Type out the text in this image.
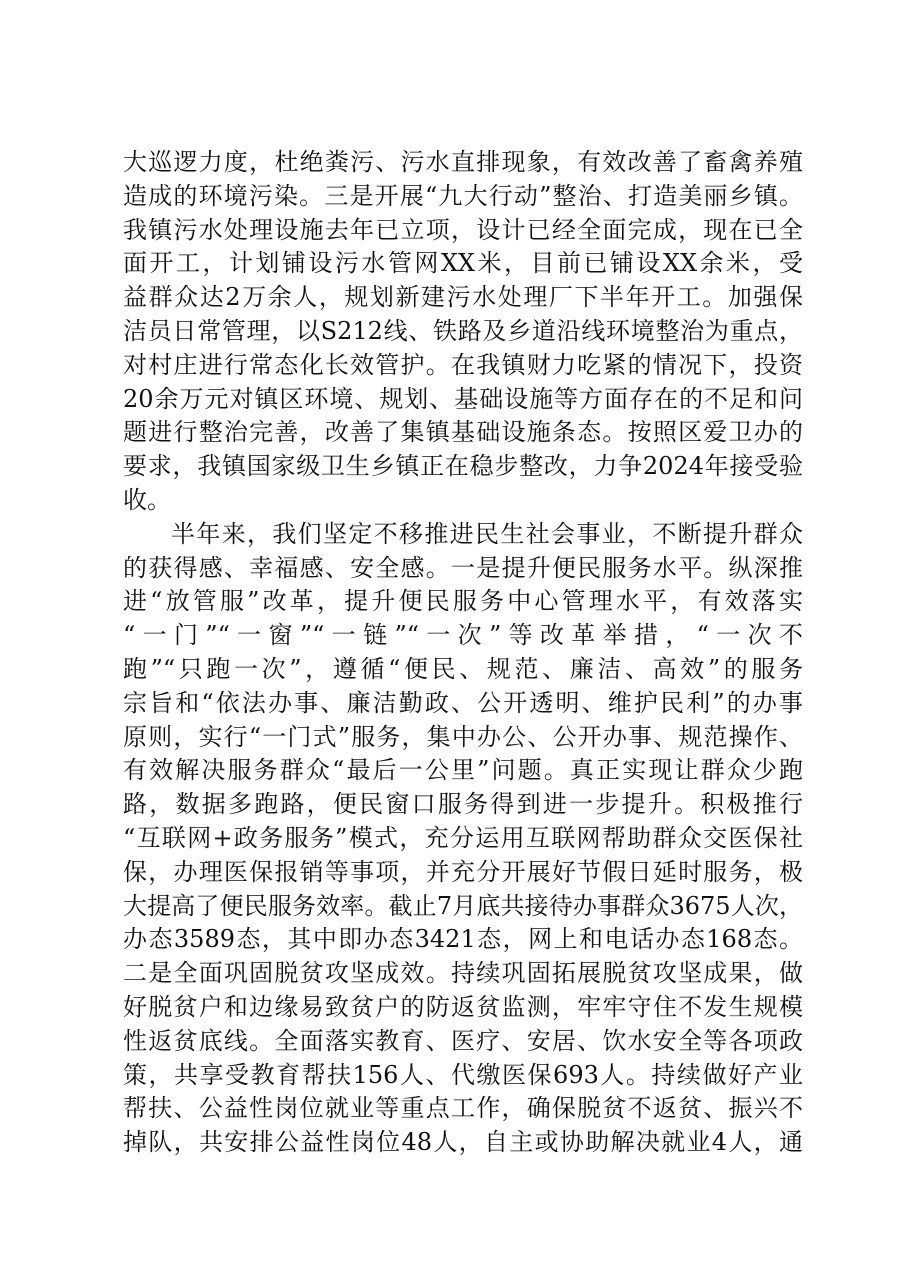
大巡逻力度，杜绝粪污、污水直排现象，有效改善了畜禽养殖
造成的环境污染。三是开展“九大行动”整治、打造美丽乡镇。
我镇污水处理设施去年已立项，设计已经全面完成，现在已全
面开工，计划铺设污水管网XX米，目前已铺设XX余米，受
益群众达2万余人，规划新建污水处理厂下半年开工。加强保
洁员日常管理，以S212线、铁路及乡道沿线环境整治为重点，
对村庄进行常态化长效管护。在我镇财力吃紧的情况下，投资
20余万元对镇区环境、规划、基础设施等方面存在的不足和问
题进行整治完善，改善了集镇基础设施条态。按照区爱卫办的
要求，我镇国家级卫生乡镇正在稳步整改，力争2024年接受验
收。
半年来，我们坚定不移推进民生社会事业，不断提升群众
的获得感、幸福感、安全感。一是提升便民服务水平。纵深推
进“放管服”改革，提升便民服务中心管理水平，有效落实
“一门”“一窗”“一链”“一次”等改革举措，“一次不
跑”“只跑一次”，遵循“便民、规范、廉洁、高效”的服务
宗旨和“依法办事、廉洁勤政、公开透明、维护民利”的办事
原则，实行“一门式”服务，集中办公、公开办事、规范操作、
有效解决服务群众“最后一公里”问题。真正实现让群众少跑
路，数据多跑路，便民窗口服务得到进一步提升。积极推行
“互联网+政务服务”模式，充分运用互联网帮助群众交医保社
保，办理医保报销等事项，并充分开展好节假日延时服务，极
大提高了便民服务效率。截止7月底共接待办事群众3675人次，
办态3589态，其中即办态3421态，网上和电话办态168态。
二是全面巩固脱贫攻坚成效。持续巩固拓展脱贫攻坚成果，做
好脱贫户和边缘易致贫户的防返贫监测，牢牢守住不发生规模
性返贫底线。全面落实教育、医疗、安居、饮水安全等各项政
策，共享受教育帮扶156人、代缴医保693人。持续做好产业
帮扶、公益性岗位就业等重点工作，确保脱贫不返贫、振兴不
掉队，共安排公益性岗位48人，自主或协助解决就业4人，通
